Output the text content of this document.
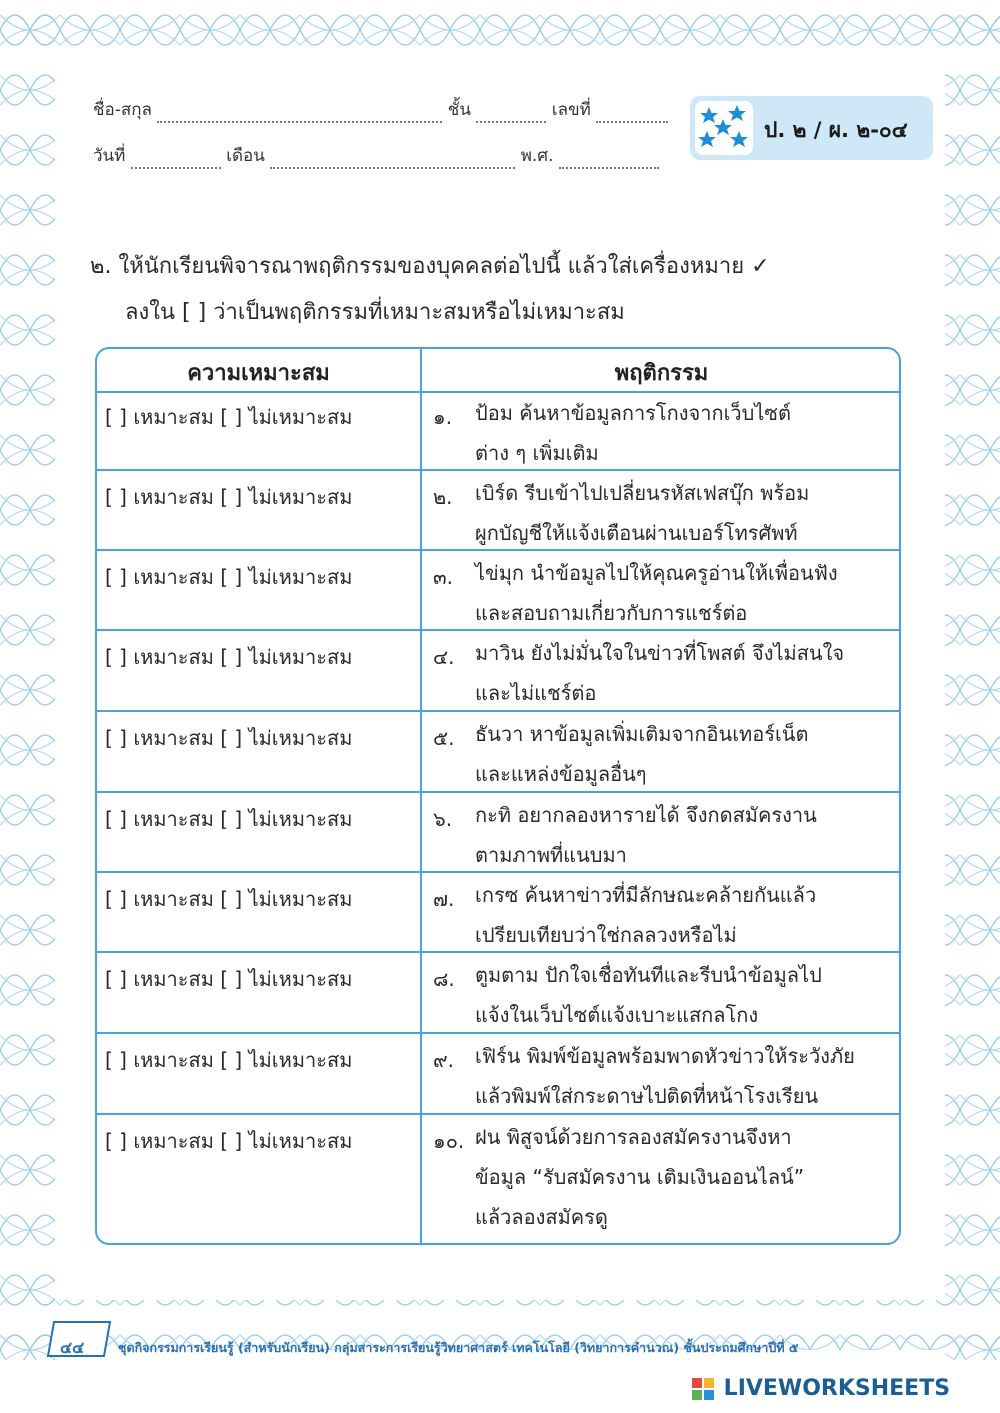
ชื่อ-สกุล	ชั้น	เลขที่
วันที่	เดือน	พ.ศ.
ป. ๒ / ผ. ๒-๐๔
๒. ให้นักเรียนพิจารณาพฤติกรรมของบุคคลต่อไปนี้ แล้วใส่เครื่องหมาย ✓
ลงใน [ ] ว่าเป็นพฤติกรรมที่เหมาะสมหรือไม่เหมาะสม
ความเหมาะสม	พฤติกรรม
[ ] เหมาะสม [ ] ไม่เหมาะสม	๑. ป้อม ค้นหาข้อมูลการโกงจากเว็บไซต์
ต่าง ๆ เพิ่มเติม
[ ] เหมาะสม [ ] ไม่เหมาะสม	๒. เบิร์ด รีบเข้าไปเปลี่ยนรหัสเฟสบุ๊ก พร้อม
ผูกบัญชีให้แจ้งเตือนผ่านเบอร์โทรศัพท์
[ ] เหมาะสม [ ] ไม่เหมาะสม	๓. ไข่มุก นำข้อมูลไปให้คุณครูอ่านให้เพื่อนฟัง
และสอบถามเกี่ยวกับการแชร์ต่อ
[ ] เหมาะสม [ ] ไม่เหมาะสม	๔. มาวิน ยังไม่มั่นใจในข่าวที่โพสต์ จึงไม่สนใจ
และไม่แชร์ต่อ
[ ] เหมาะสม [ ] ไม่เหมาะสม	๕. ธันวา หาข้อมูลเพิ่มเติมจากอินเทอร์เน็ต
และแหล่งข้อมูลอื่นๆ
[ ] เหมาะสม [ ] ไม่เหมาะสม	๖. กะทิ อยากลองหารายได้ จึงกดสมัครงาน
ตามภาพที่แนบมา
[ ] เหมาะสม [ ] ไม่เหมาะสม	๗. เกรซ ค้นหาข่าวที่มีลักษณะคล้ายกันแล้ว
เปรียบเทียบว่าใช่กลลวงหรือไม่
[ ] เหมาะสม [ ] ไม่เหมาะสม	๘. ตูมตาม ปักใจเชื่อทันทีและรีบนำข้อมูลไป
แจ้งในเว็บไซต์แจ้งเบาะแสกลโกง
[ ] เหมาะสม [ ] ไม่เหมาะสม	๙. เฟิร์น พิมพ์ข้อมูลพร้อมพาดหัวข่าวให้ระวังภัย
แล้วพิมพ์ใส่กระดาษไปติดที่หน้าโรงเรียน
[ ] เหมาะสม [ ] ไม่เหมาะสม	๑๐. ฝน พิสูจน์ด้วยการลองสมัครงานจึงหา
ข้อมูล “รับสมัครงาน เติมเงินออนไลน์”
แล้วลองสมัครดู
๔๔	ชุดกิจกรรมการเรียนรู้ (สำหรับนักเรียน) กลุ่มสาระการเรียนรู้วิทยาศาสตร์ เทคโนโลยี (วิทยาการคำนวณ) ชั้นประถมศึกษาปีที่ ๕
LIVEWORKSHEETS
